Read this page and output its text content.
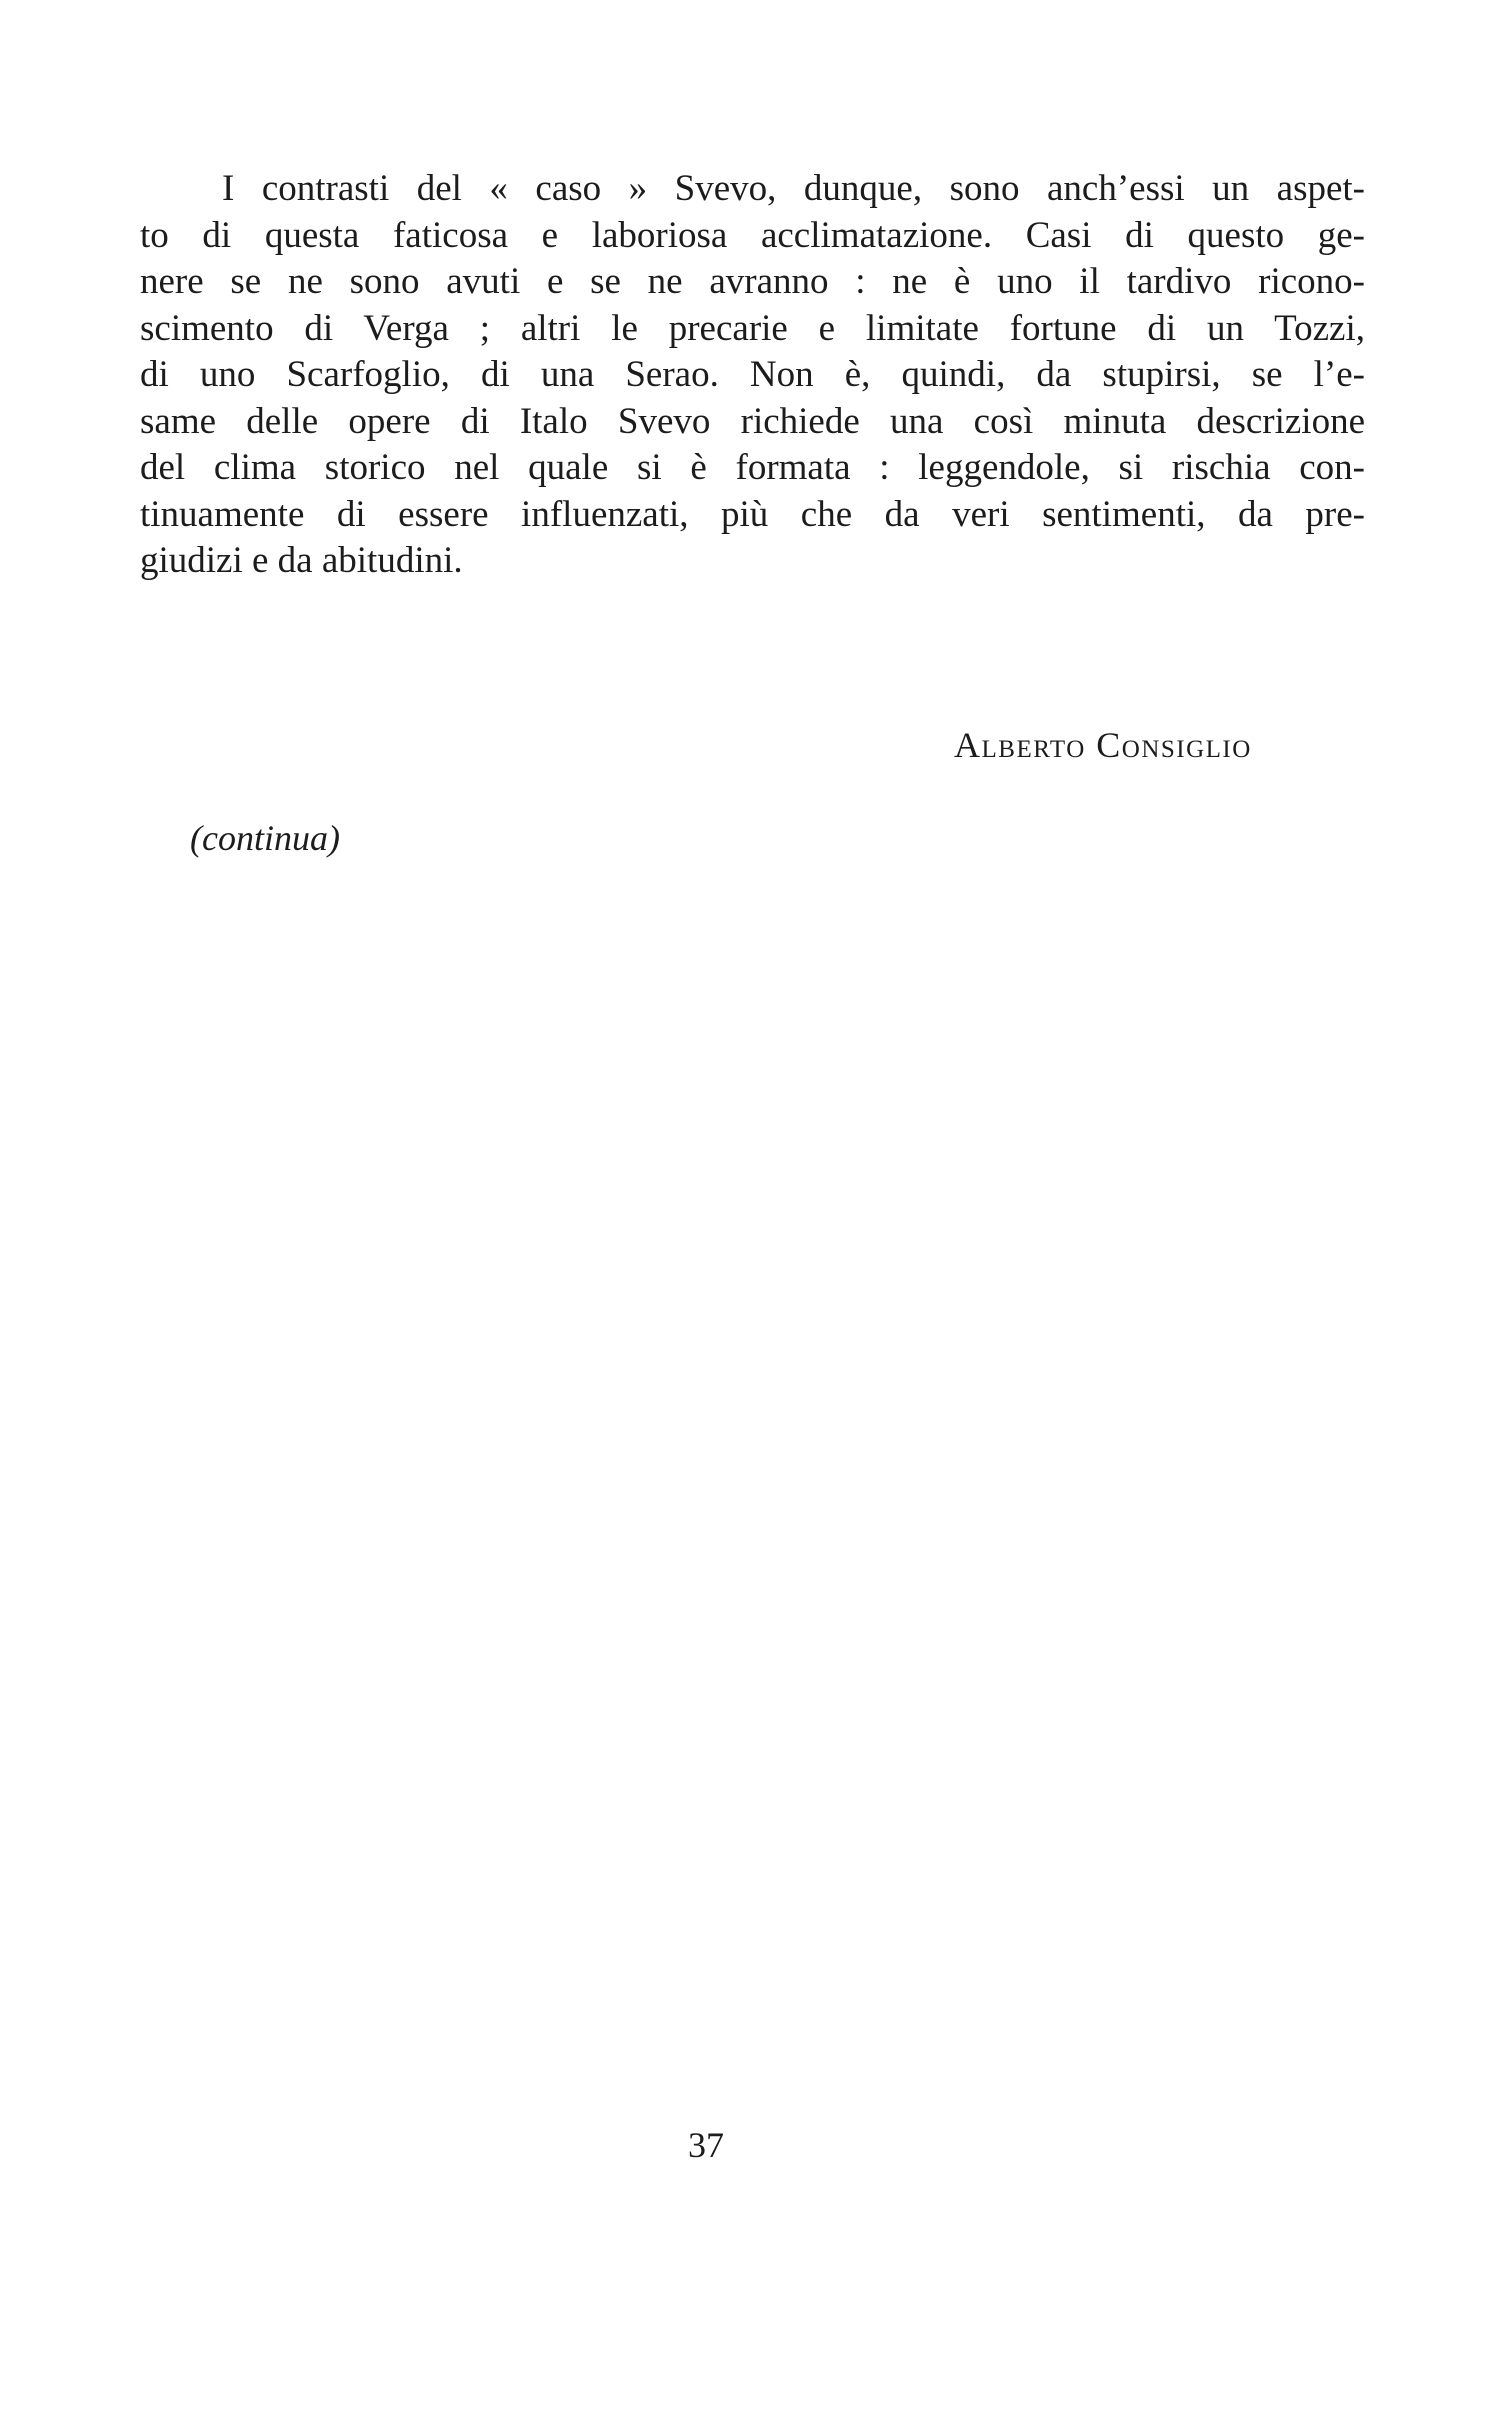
I contrasti del « caso » Svevo, dunque, sono anch’essi un aspet-
to di questa faticosa e laboriosa acclimatazione. Casi di questo ge-
nere se ne sono avuti e se ne avranno : ne è uno il tardivo ricono-
scimento di Verga ; altri le precarie e limitate fortune di un Tozzi,
di uno Scarfoglio, di una Serao. Non è, quindi, da stupirsi, se l’e-
same delle opere di Italo Svevo richiede una così minuta descrizione
del clima storico nel quale si è formata : leggendole, si rischia con-
tinuamente di essere influenzati, più che da veri sentimenti, da pre-
giudizi e da abitudini.

Alberto Consiglio
(continua)
37
